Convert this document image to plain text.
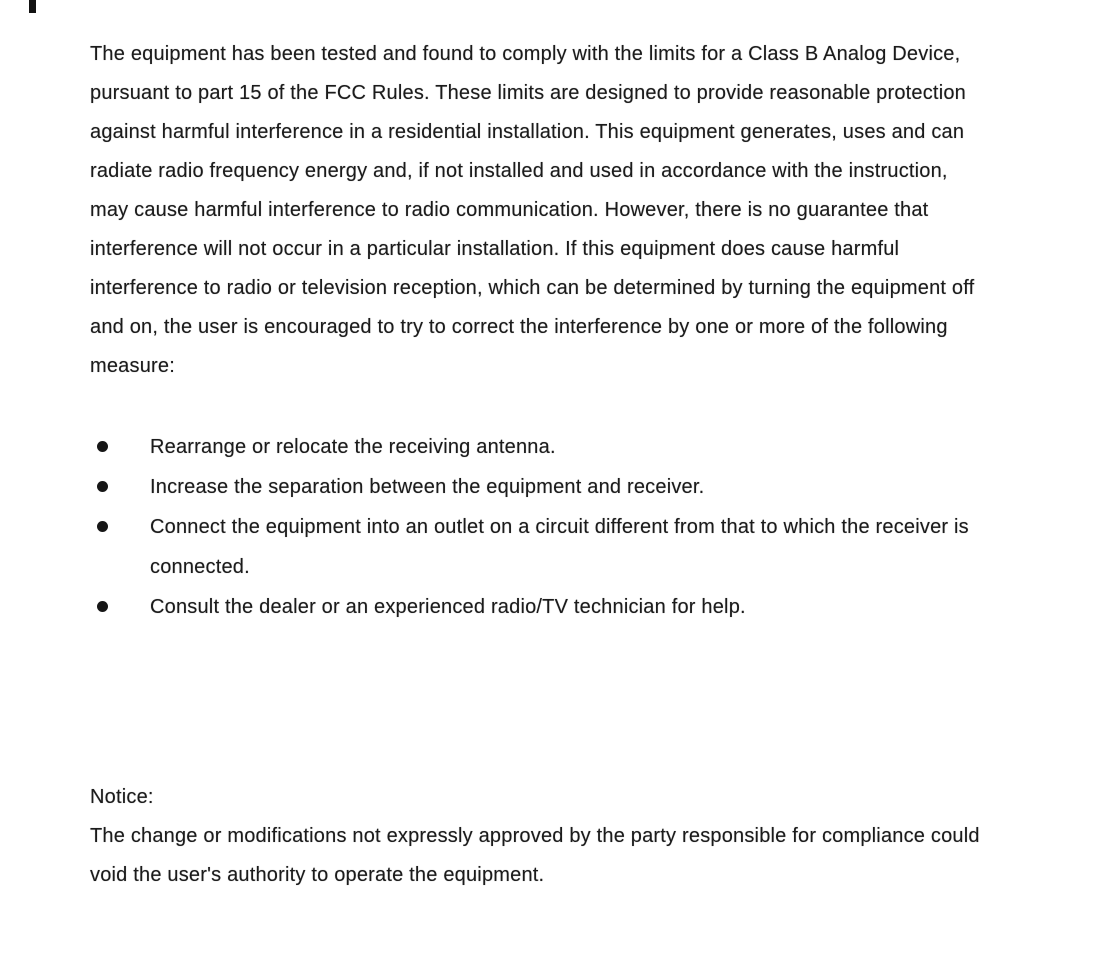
The equipment has been tested and found to comply with the limits for a Class B Analog Device,
pursuant to part 15 of the FCC Rules. These limits are designed to provide reasonable protection
against harmful interference in a residential installation. This equipment generates, uses and can
radiate radio frequency energy and, if not installed and used in accordance with the instruction,
may cause harmful interference to radio communication. However, there is no guarantee that
interference will not occur in a particular installation. If this equipment does cause harmful
interference to radio or television reception, which can be determined by turning the equipment off
and on, the user is encouraged to try to correct the interference by one or more of the following
measure:
Rearrange or relocate the receiving antenna.
Increase the separation between the equipment and receiver.
Connect the equipment into an outlet on a circuit different from that to which the receiver is
connected.
Consult the dealer or an experienced radio/TV technician for help.
Notice:
The change or modifications not expressly approved by the party responsible for compliance could
void the user's authority to operate the equipment.
